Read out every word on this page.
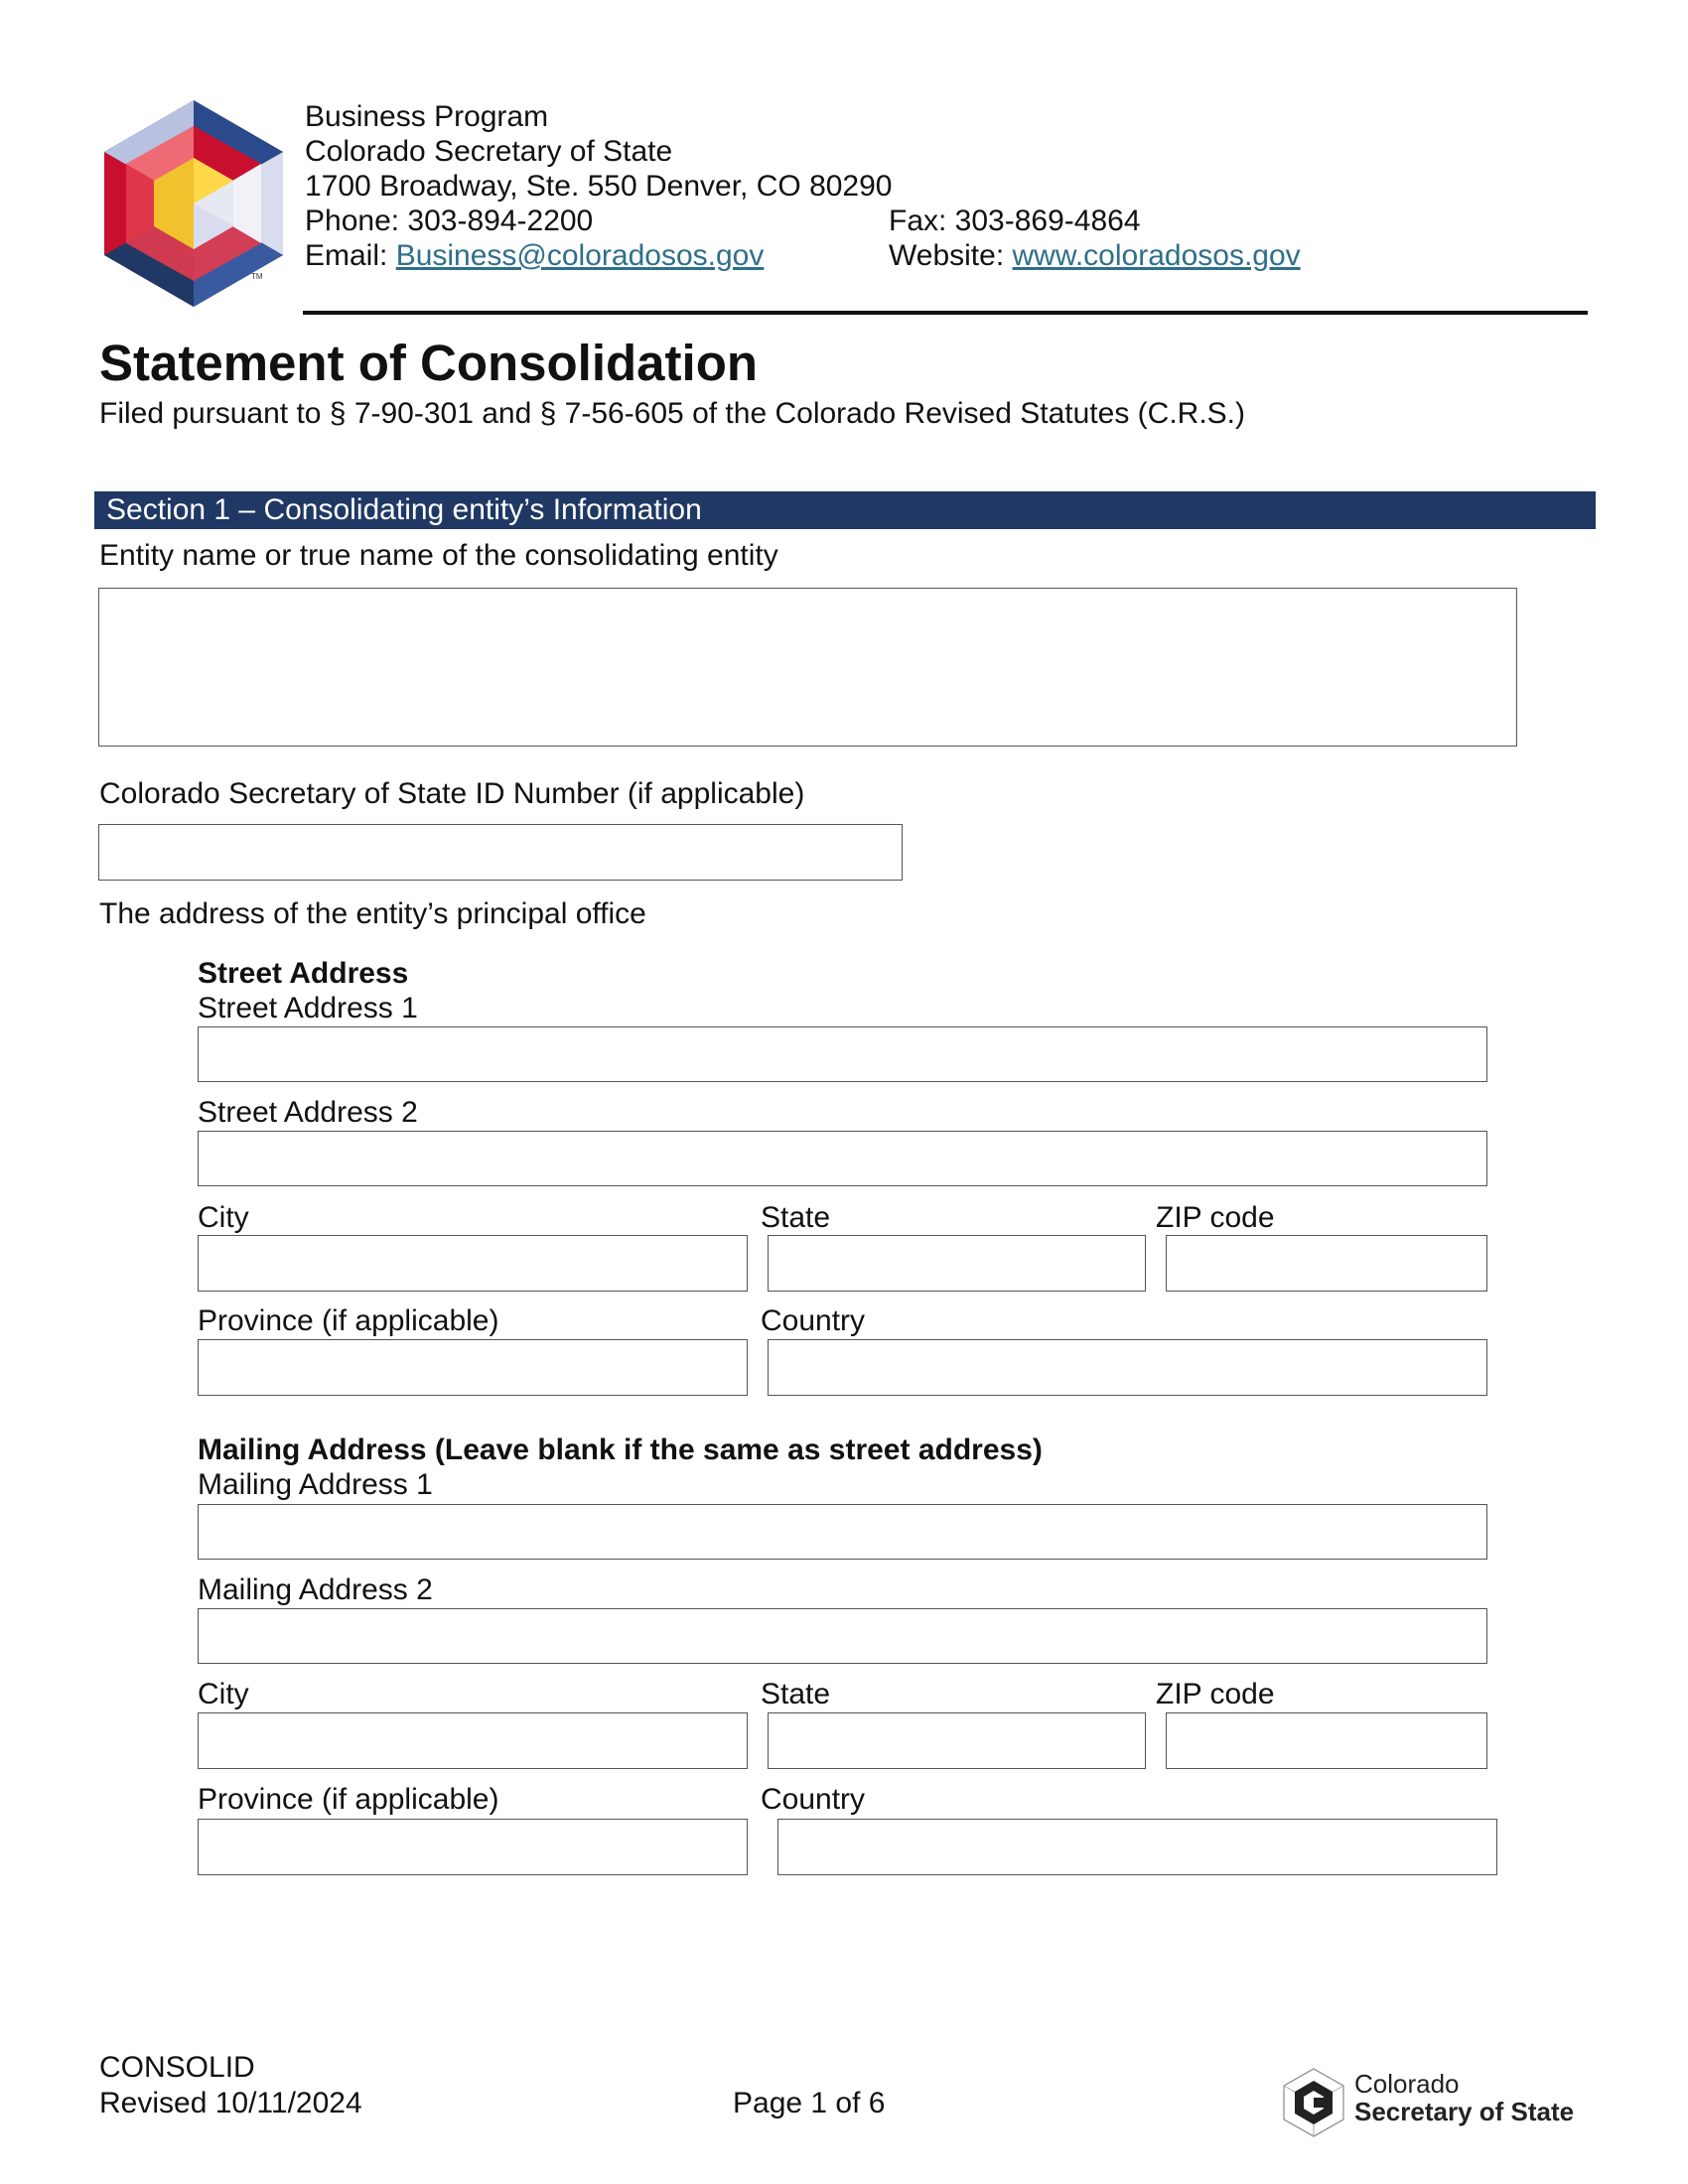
TM
Business Program
Colorado Secretary of State
1700 Broadway, Ste. 550 Denver, CO 80290
Phone: 303-894-2200	Fax: 303-869-4864
Email: Business@coloradosos.gov	Website: www.coloradosos.gov
Statement of Consolidation
Filed pursuant to § 7-90-301 and § 7-56-605 of the Colorado Revised Statutes (C.R.S.)
Section 1 – Consolidating entity’s Information
Entity name or true name of the consolidating entity
Colorado Secretary of State ID Number (if applicable)
The address of the entity’s principal office
Street Address
Street Address 1
Street Address 2
City	State	ZIP code
Province (if applicable)	Country
Mailing Address (Leave blank if the same as street address)
Mailing Address 1
Mailing Address 2
City	State	ZIP code
Province (if applicable)	Country
CONSOLID
Revised 10/11/2024	Page 1 of 6
Colorado
Secretary of State
